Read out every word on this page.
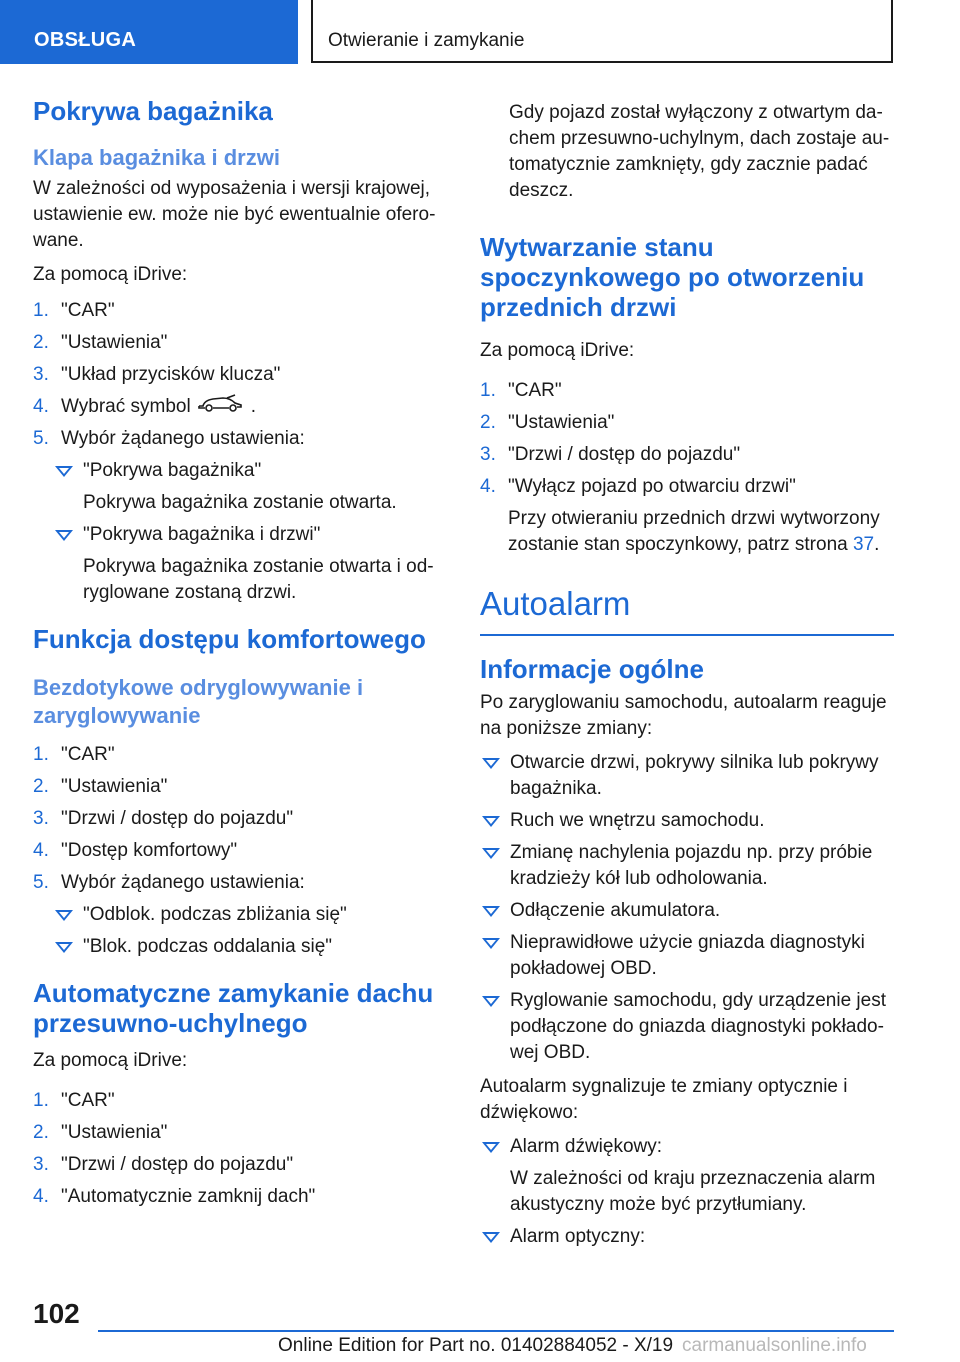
OBSŁUGA	Otwieranie i zamykanie
Pokrywa bagażnika
Klapa bagażnika i drzwi

W zależności od wyposażenia i wersji krajowej, ustawienie ew. może nie być ewentualnie ofero-wane.

Za pomocą iDrive:

1. "CAR"
2. "Ustawienia"
3. "Układ przycisków klucza"
4. Wybrać symbol	.
5. Wybór żądanego ustawienia:
"Pokrywa bagażnika"

Pokrywa bagażnika zostanie otwarta.

"Pokrywa bagażnika i drzwi"

Pokrywa bagażnika zostanie otwarta i od-ryglowane zostaną drzwi.

Funkcja dostępu komfortowego
Bezdotykowe odryglowywanie i zaryglowywanie
1. "CAR"
2. "Ustawienia"
3. "Drzwi / dostęp do pojazdu"
4. "Dostęp komfortowy"
5. Wybór żądanego ustawienia:
"Odblok. podczas zbliżania się"
"Blok. podczas oddalania się"
Automatyczne zamykanie dachu przesuwno-uchylnego

Za pomocą iDrive:

1. "CAR"
2. "Ustawienia"
3. "Drzwi / dostęp do pojazdu"
4. "Automatycznie zamknij dach"

Gdy pojazd został wyłączony z otwartym da-chem przesuwno-uchylnym, dach zostaje au-tomatycznie zamknięty, gdy zacznie padać deszcz.

Wytwarzanie stanu spoczynkowego po otworzeniu przednich drzwi

Za pomocą iDrive:

1. "CAR"
2. "Ustawienia"
3. "Drzwi / dostęp do pojazdu"
4. "Wyłącz pojazd po otwarciu drzwi"

Przy otwieraniu przednich drzwi wytworzony zostanie stan spoczynkowy, patrz strona 37.

Autoalarm
Informacje ogólne

Po zaryglowaniu samochodu, autoalarm reaguje na poniższe zmiany:

Otwarcie drzwi, pokrywy silnika lub pokrywy bagażnika.
Ruch we wnętrzu samochodu.
Zmianę nachylenia pojazdu np. przy próbie kradzieży kół lub odholowania.
Odłączenie akumulatora.
Nieprawidłowe użycie gniazda diagnostyki pokładowej OBD.
Ryglowanie samochodu, gdy urządzenie jest podłączone do gniazda diagnostyki pokłado-wej OBD.

Autoalarm sygnalizuje te zmiany optycznie i dźwiękowo:

Alarm dźwiękowy:

W zależności od kraju przeznaczenia alarm akustyczny może być przytłumiany.

Alarm optyczny:
102
Online Edition for Part no. 01402884052 - X/19 carmanualsonline.info
